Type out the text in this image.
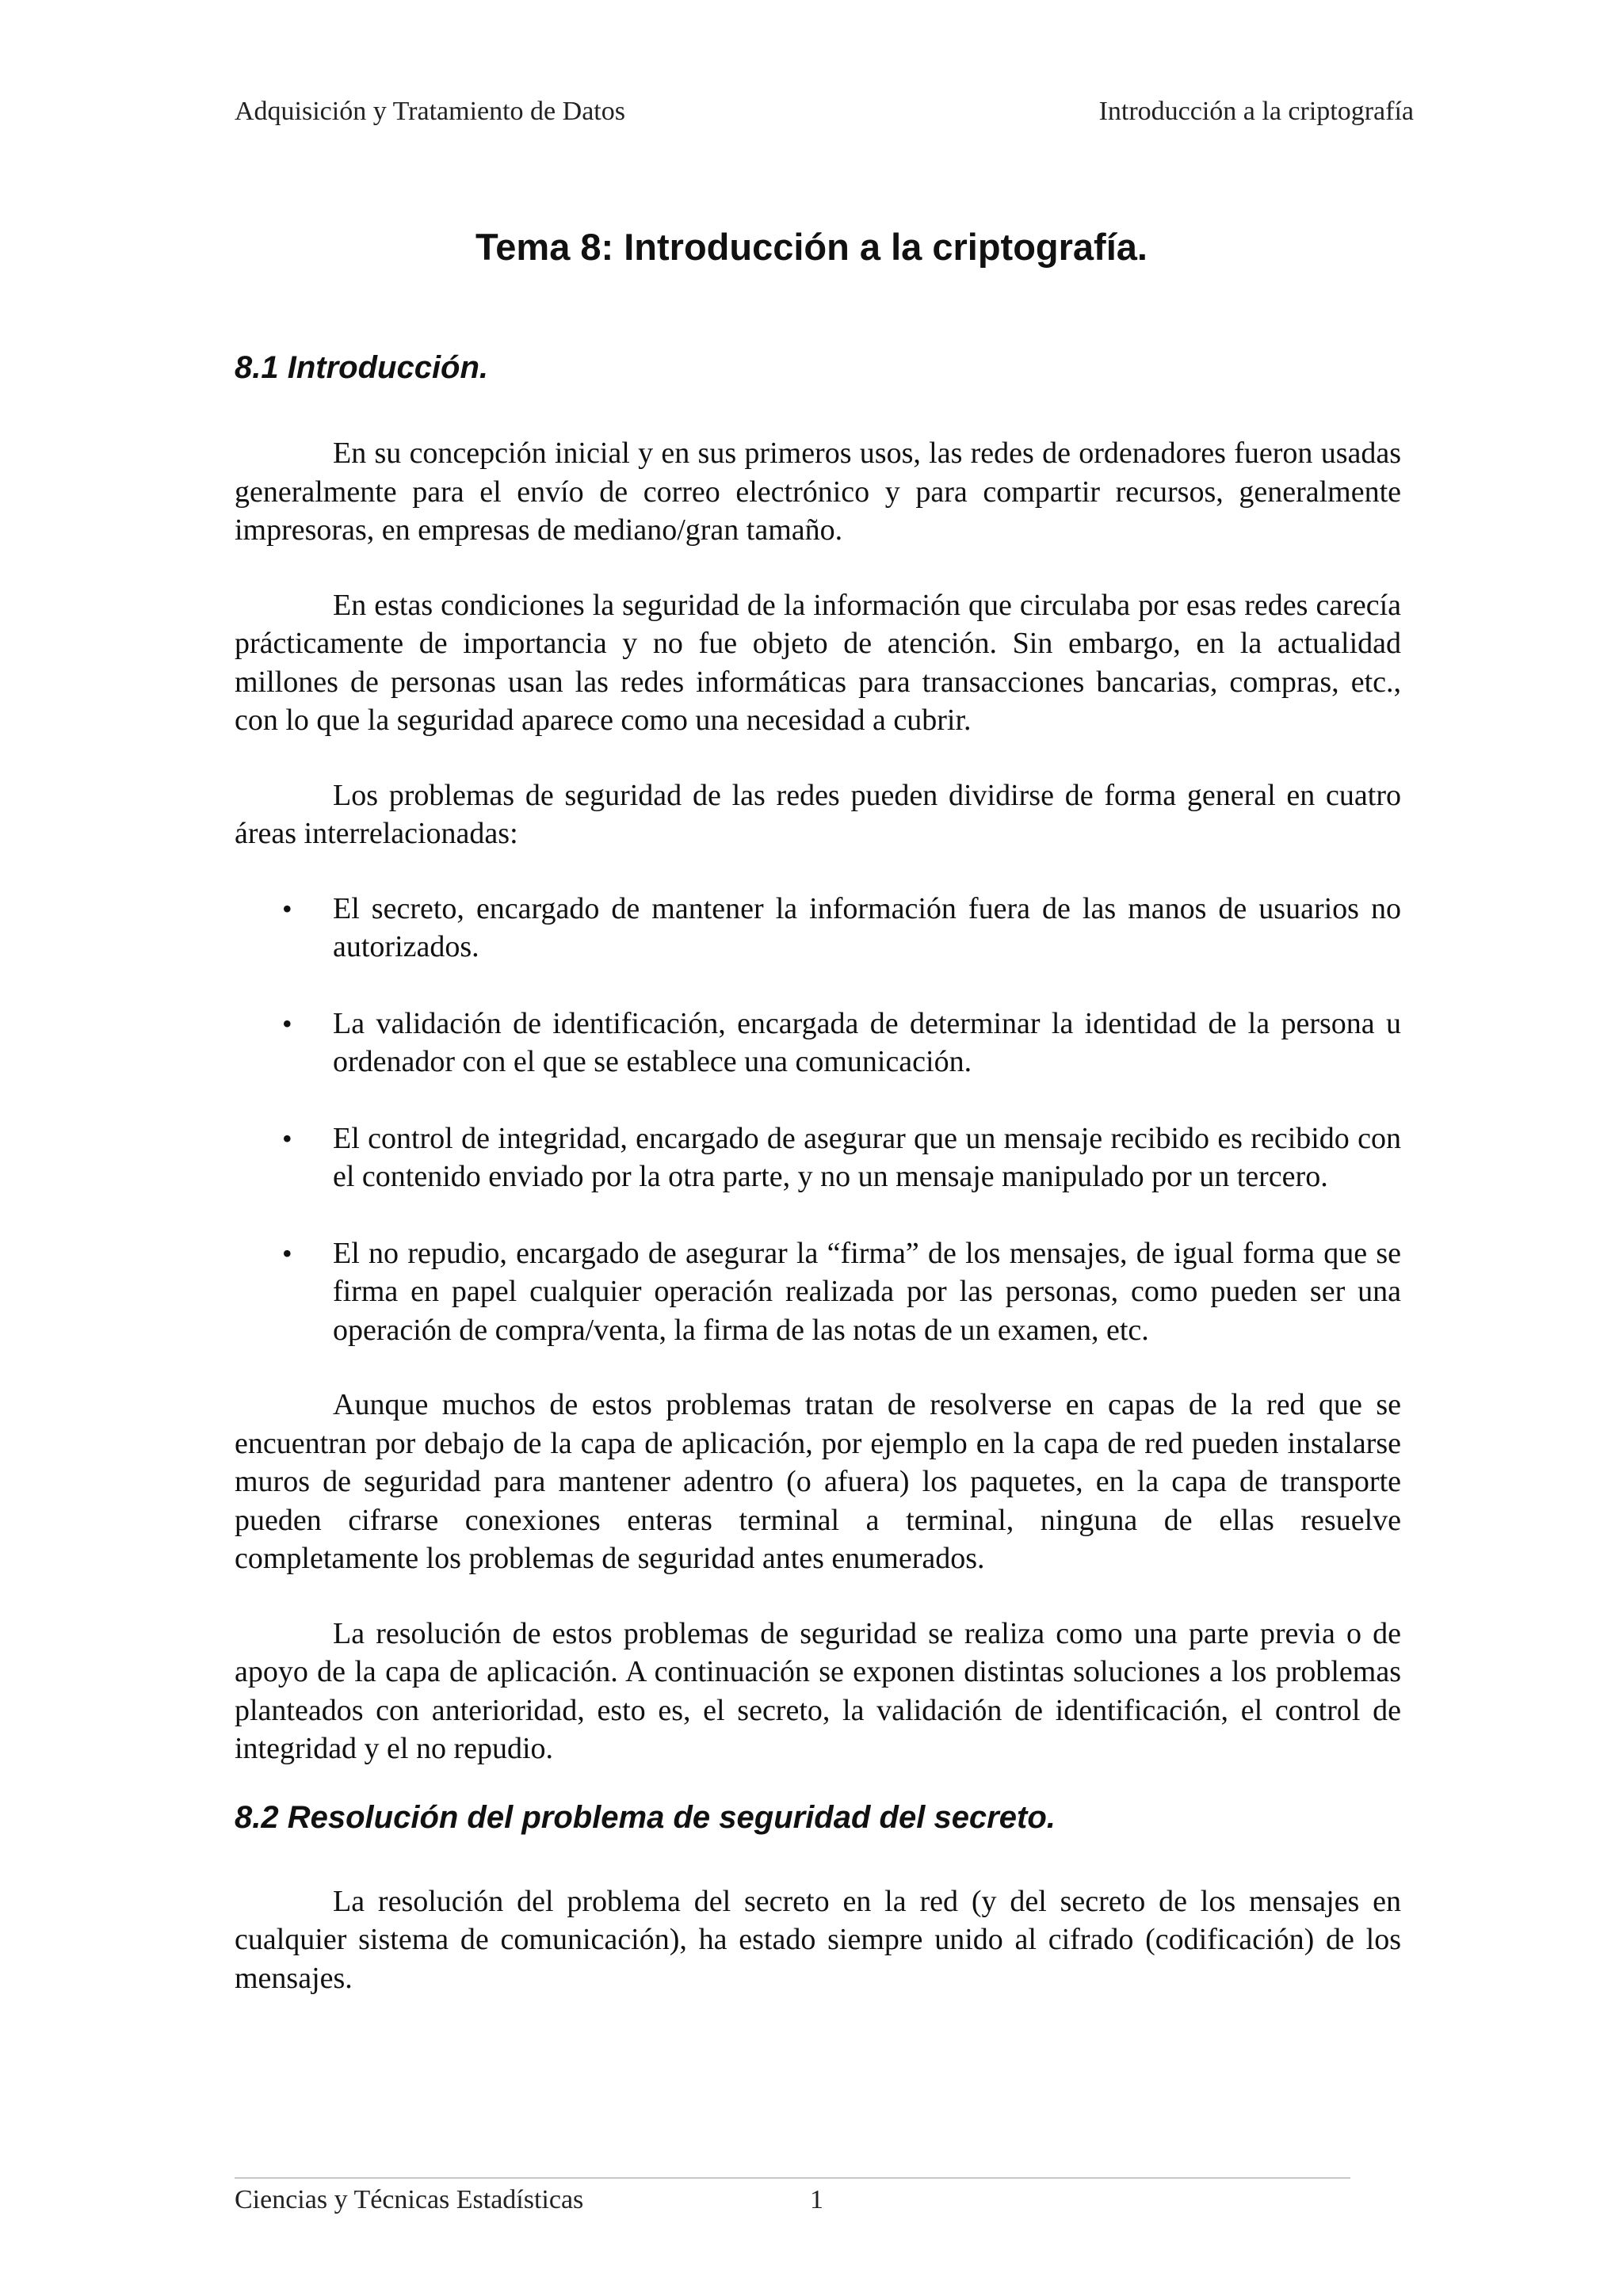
Adquisición y Tratamiento de Datos	Introducción a la criptografía
Tema 8: Introducción a la criptografía.
8.1 Introducción.

En su concepción inicial y en sus primeros usos, las redes de ordenadores fueron usadas generalmente para el envío de correo electrónico y para compartir recursos, generalmente impresoras, en empresas de mediano/gran tamaño.

En estas condiciones la seguridad de la información que circulaba por esas redes carecía prácticamente de importancia y no fue objeto de atención. Sin embargo, en la actualidad millones de personas usan las redes informáticas para transacciones bancarias, compras, etc., con lo que la seguridad aparece como una necesidad a cubrir.

Los problemas de seguridad de las redes pueden dividirse de forma general en cuatro áreas interrelacionadas:

• El secreto, encargado de mantener la información fuera de las manos de usuarios no autorizados.
• La validación de identificación, encargada de determinar la identidad de la persona u ordenador con el que se establece una comunicación.
• El control de integridad, encargado de asegurar que un mensaje recibido es recibido con el contenido enviado por la otra parte, y no un mensaje manipulado por un tercero.
• El no repudio, encargado de asegurar la “firma” de los mensajes, de igual forma que se firma en papel cualquier operación realizada por las personas, como pueden ser una operación de compra/venta, la firma de las notas de un examen, etc.

Aunque muchos de estos problemas tratan de resolverse en capas de la red que se encuentran por debajo de la capa de aplicación, por ejemplo en la capa de red pueden instalarse muros de seguridad para mantener adentro (o afuera) los paquetes, en la capa de transporte pueden cifrarse conexiones enteras terminal a terminal, ninguna de ellas resuelve completamente los problemas de seguridad antes enumerados.

La resolución de estos problemas de seguridad se realiza como una parte previa o de apoyo de la capa de aplicación. A continuación se exponen distintas soluciones a los problemas planteados con anterioridad, esto es, el secreto, la validación de identificación, el control de integridad y el no repudio.

8.2 Resolución del problema de seguridad del secreto.

La resolución del problema del secreto en la red (y del secreto de los mensajes en cualquier sistema de comunicación), ha estado siempre unido al cifrado (codificación) de los mensajes.

Ciencias y Técnicas Estadísticas	1
